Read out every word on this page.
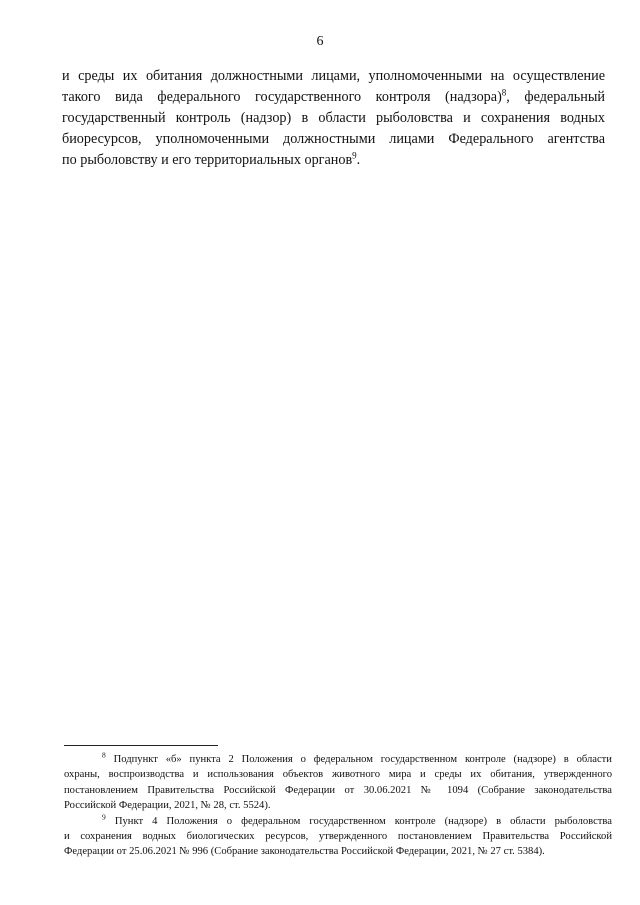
6
и среды их обитания должностными лицами, уполномоченными на осуществление
такого вида федерального государственного контроля (надзора)$^8$, федеральный
государственный контроль (надзор) в области рыболовства и сохранения водных
биоресурсов, уполномоченными должностными лицами Федерального агентства
по рыболовству и его территориальных органов$^9$.
$^8$ Подпункт «б» пункта 2 Положения о федеральном государственном контроле (надзоре) в области
охраны, воспроизводства и использования объектов животного мира и среды их обитания, утвержденного
постановлением Правительства Российской Федерации от 30.06.2021 № 1094 (Собрание законодательства
Российской Федерации, 2021, № 28, ст. 5524).
$^9$ Пункт 4 Положения о федеральном государственном контроле (надзоре) в области рыболовства
и сохранения водных биологических ресурсов, утвержденного постановлением Правительства Российской
Федерации от 25.06.2021 № 996 (Собрание законодательства Российской Федерации, 2021, № 27 ст. 5384).
